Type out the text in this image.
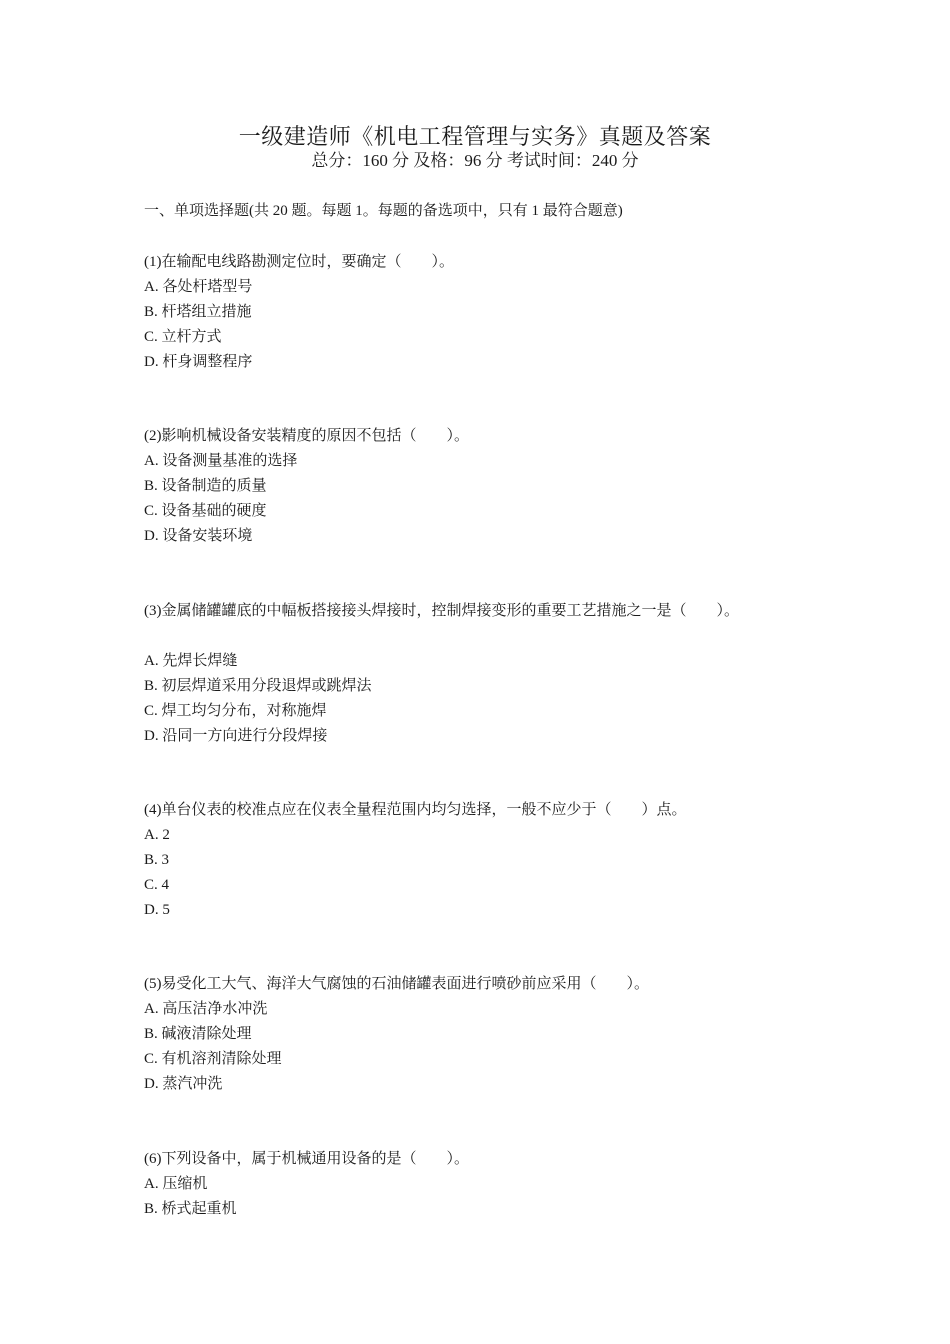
一级建造师《机电工程管理与实务》真题及答案
总分：160 分 及格：96 分 考试时间：240 分
一、单项选择题(共 20 题。每题 1。每题的备选项中，只有 1 最符合题意)
(1)在输配电线路勘测定位时，要确定（　　）。
A. 各处杆塔型号
B. 杆塔组立措施
C. 立杆方式
D. 杆身调整程序
(2)影响机械设备安装精度的原因不包括（　　）。
A. 设备测量基准的选择
B. 设备制造的质量
C. 设备基础的硬度
D. 设备安装环境
(3)金属储罐罐底的中幅板搭接接头焊接时，控制焊接变形的重要工艺措施之一是（　　）。
A. 先焊长焊缝
B. 初层焊道采用分段退焊或跳焊法
C. 焊工均匀分布，对称施焊
D. 沿同一方向进行分段焊接
(4)单台仪表的校准点应在仪表全量程范围内均匀选择，一般不应少于（　　）点。
A. 2
B. 3
C. 4
D. 5
(5)易受化工大气、海洋大气腐蚀的石油储罐表面进行喷砂前应采用（　　）。
A. 高压洁净水冲洗
B. 碱液清除处理
C. 有机溶剂清除处理
D. 蒸汽冲洗
(6)下列设备中，属于机械通用设备的是（　　）。
A. 压缩机
B. 桥式起重机
